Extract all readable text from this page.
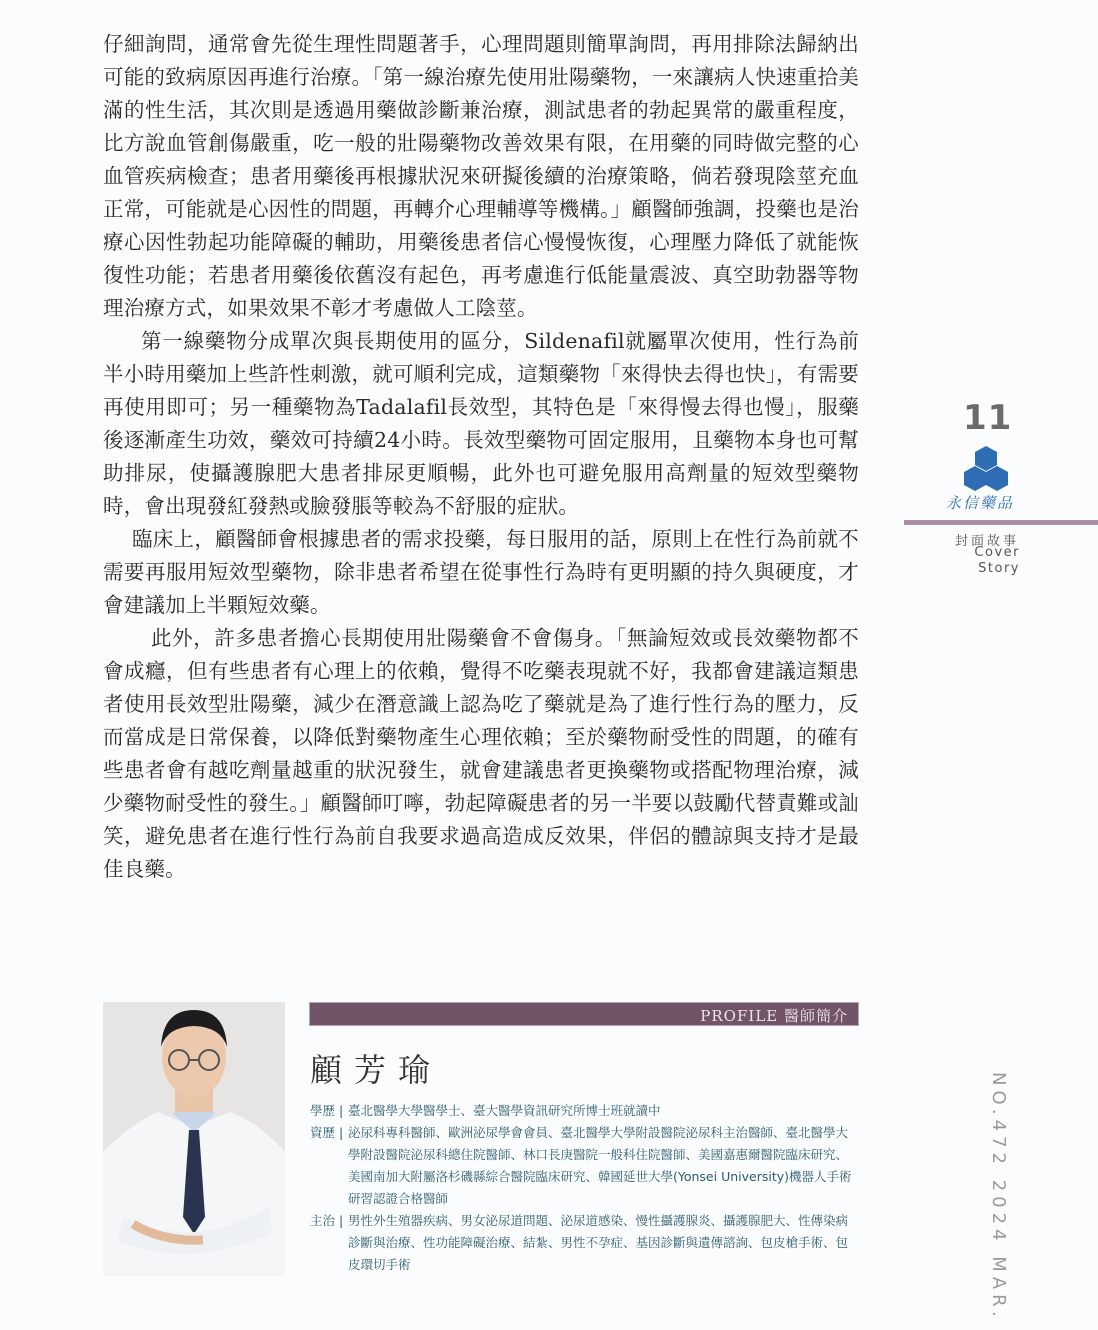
仔細詢問，通常會先從生理性問題著手，心理問題則簡單詢問，再用排除法歸納出可能的致病原因再進行治療。「第一線治療先使用壯陽藥物，一來讓病人快速重拾美滿的性生活，其次則是透過用藥做診斷兼治療，測試患者的勃起異常的嚴重程度，比方說血管創傷嚴重，吃一般的壯陽藥物改善效果有限，在用藥的同時做完整的心血管疾病檢查；患者用藥後再根據狀況來研擬後續的治療策略，倘若發現陰莖充血正常，可能就是心因性的問題，再轉介心理輔導等機構。」顧醫師強調，投藥也是治療心因性勃起功能障礙的輔助，用藥後患者信心慢慢恢復，心理壓力降低了就能恢復性功能；若患者用藥後依舊沒有起色，再考慮進行低能量震波、真空助勃器等物理治療方式，如果效果不彰才考慮做人工陰莖。

第一線藥物分成單次與長期使用的區分，Sildenafil就屬單次使用，性行為前半小時用藥加上些許性刺激，就可順利完成，這類藥物「來得快去得也快」，有需要再使用即可；另一種藥物為Tadalafil長效型，其特色是「來得慢去得也慢」，服藥後逐漸產生功效，藥效可持續24小時。長效型藥物可固定服用，且藥物本身也可幫助排尿，使攝護腺肥大患者排尿更順暢，此外也可避免服用高劑量的短效型藥物時，會出現發紅發熱或臉發脹等較為不舒服的症狀。

臨床上，顧醫師會根據患者的需求投藥，每日服用的話，原則上在性行為前就不需要再服用短效型藥物，除非患者希望在從事性行為時有更明顯的持久與硬度，才會建議加上半顆短效藥。

此外，許多患者擔心長期使用壯陽藥會不會傷身。「無論短效或長效藥物都不會成癮，但有些患者有心理上的依賴，覺得不吃藥表現就不好，我都會建議這類患者使用長效型壯陽藥，減少在潛意識上認為吃了藥就是為了進行性行為的壓力，反而當成是日常保養，以降低對藥物產生心理依賴；至於藥物耐受性的問題，的確有些患者會有越吃劑量越重的狀況發生，就會建議患者更換藥物或搭配物理治療，減少藥物耐受性的發生。」顧醫師叮嚀，勃起障礙患者的另一半要以鼓勵代替責難或訕笑，避免患者在進行性行為前自我要求過高造成反效果，伴侶的體諒與支持才是最佳良藥。

11
永信藥品
封面故事
Cover
Story
NO.472 2024 MAR.
PROFILE 醫師簡介
顧芳瑜
學歷 | 臺北醫學大學醫學士、臺大醫學資訊研究所博士班就讀中
資歷 | 泌尿科專科醫師、歐洲泌尿學會會員、臺北醫學大學附設醫院泌尿科主治醫師、臺北醫學大學附設醫院泌尿科總住院醫師、林口長庚醫院一般科住院醫師、美國嘉惠爾醫院臨床研究、美國南加大附屬洛杉磯縣綜合醫院臨床研究、韓國延世大學(Yonsei University)機器人手術研習認證合格醫師
主治 | 男性外生殖器疾病、男女泌尿道問題、泌尿道感染、慢性攝護腺炎、攝護腺肥大、性傳染病診斷與治療、性功能障礙治療、結紮、男性不孕症、基因診斷與遺傳諮詢、包皮槍手術、包皮環切手術
